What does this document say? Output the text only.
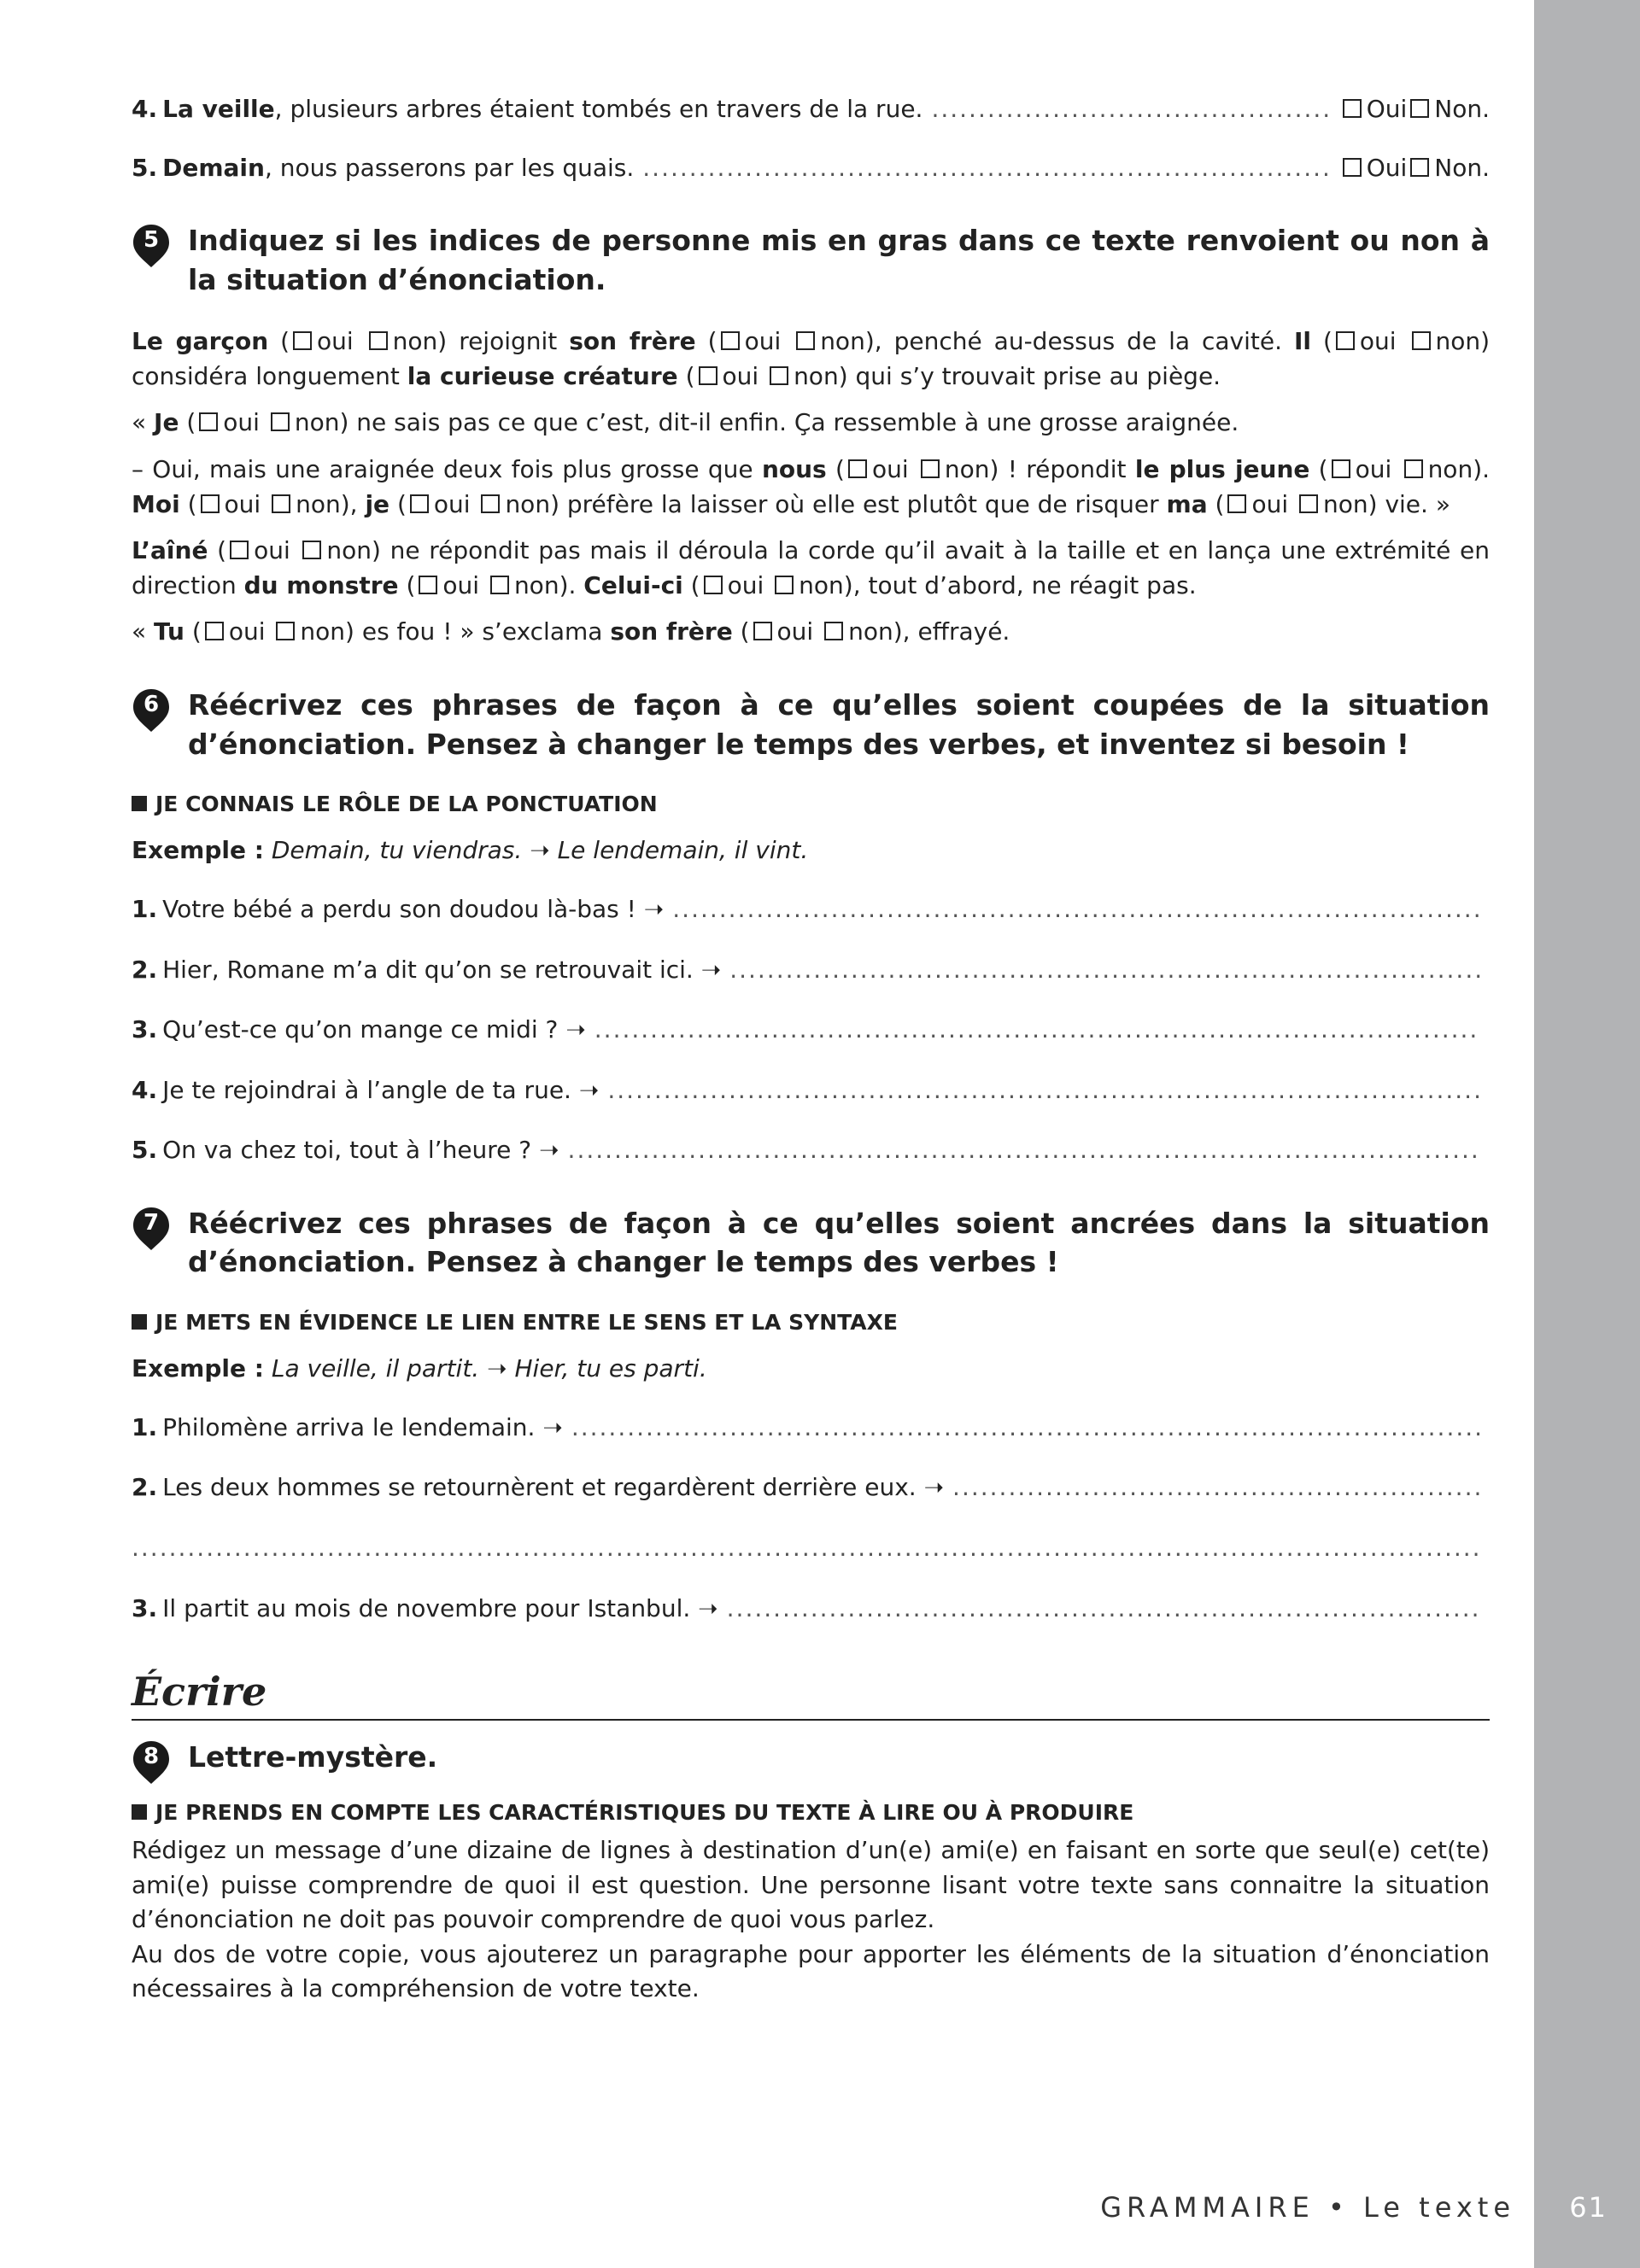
4. La veille , plusieurs arbres étaient tombés en travers de la rue. .....	Oui	Non.
5. Demain , nous passerons par les quais. .....	Oui	Non.
5	Indiquez si les indices de personne mis en gras dans ce texte renvoient ou non à la situation d’énonciation.

Le garçon ( oui non) rejoignit son frère ( oui non), penché au-dessus de la cavité. Il ( oui non) considéra longuement la curieuse créature ( oui non) qui s’y trouvait prise au piège.

« Je ( oui non) ne sais pas ce que c’est, dit-il enfin. Ça ressemble à une grosse araignée.

– Oui, mais une araignée deux fois plus grosse que nous ( oui non) ! répondit le plus jeune ( oui non). Moi ( oui non), je ( oui non) préfère la laisser où elle est plutôt que de risquer ma ( oui non) vie. »

L’aîné ( oui non) ne répondit pas mais il déroula la corde qu’il avait à la taille et en lança une extrémité en direction du monstre ( oui non). Celui-ci ( oui non), tout d’abord, ne réagit pas.

« Tu ( oui non) es fou ! » s’exclama son frère ( oui non), effrayé.

6	Réécrivez ces phrases de façon à ce qu’elles soient coupées de la situation d’énonciation. Pensez à changer le temps des verbes, et inventez si besoin !
JE CONNAIS LE RÔLE DE LA PONCTUATION
Exemple : Demain, tu viendras. ➝ Le lendemain, il vint.
1. Votre bébé a perdu son doudou là-bas !
➝
.....
2. Hier, Romane m’a dit qu’on se retrouvait ici.
➝
.....
3. Qu’est-ce qu’on mange ce midi ?
➝
.....
4. Je te rejoindrai à l’angle de ta rue.
➝
.....
5. On va chez toi, tout à l’heure ?
➝
.....
7	Réécrivez ces phrases de façon à ce qu’elles soient ancrées dans la situation d’énonciation. Pensez à changer le temps des verbes !
JE METS EN ÉVIDENCE LE LIEN ENTRE LE SENS ET LA SYNTAXE
Exemple : La veille, il partit. ➝ Hier, tu es parti.
1. Philomène arriva le lendemain.
➝
.....
2. Les deux hommes se retournèrent et regardèrent derrière eux.
➝
.....
.....
3. Il partit au mois de novembre pour Istanbul.
➝
.....
Écrire
8	Lettre-mystère.
JE PRENDS EN COMPTE LES CARACTÉRISTIQUES DU TEXTE À LIRE OU À PRODUIRE

Rédigez un message d’une dizaine de lignes à destination d’un(e) ami(e) en faisant en sorte que seul(e) cet(te) ami(e) puisse comprendre de quoi il est question. Une personne lisant votre texte sans connaitre la situation d’énonciation ne doit pas pouvoir comprendre de quoi vous parlez.

Au dos de votre copie, vous ajouterez un paragraphe pour apporter les éléments de la situation d’énonciation nécessaires à la compréhension de votre texte.

GRAMMAIRE • Le texte 61
